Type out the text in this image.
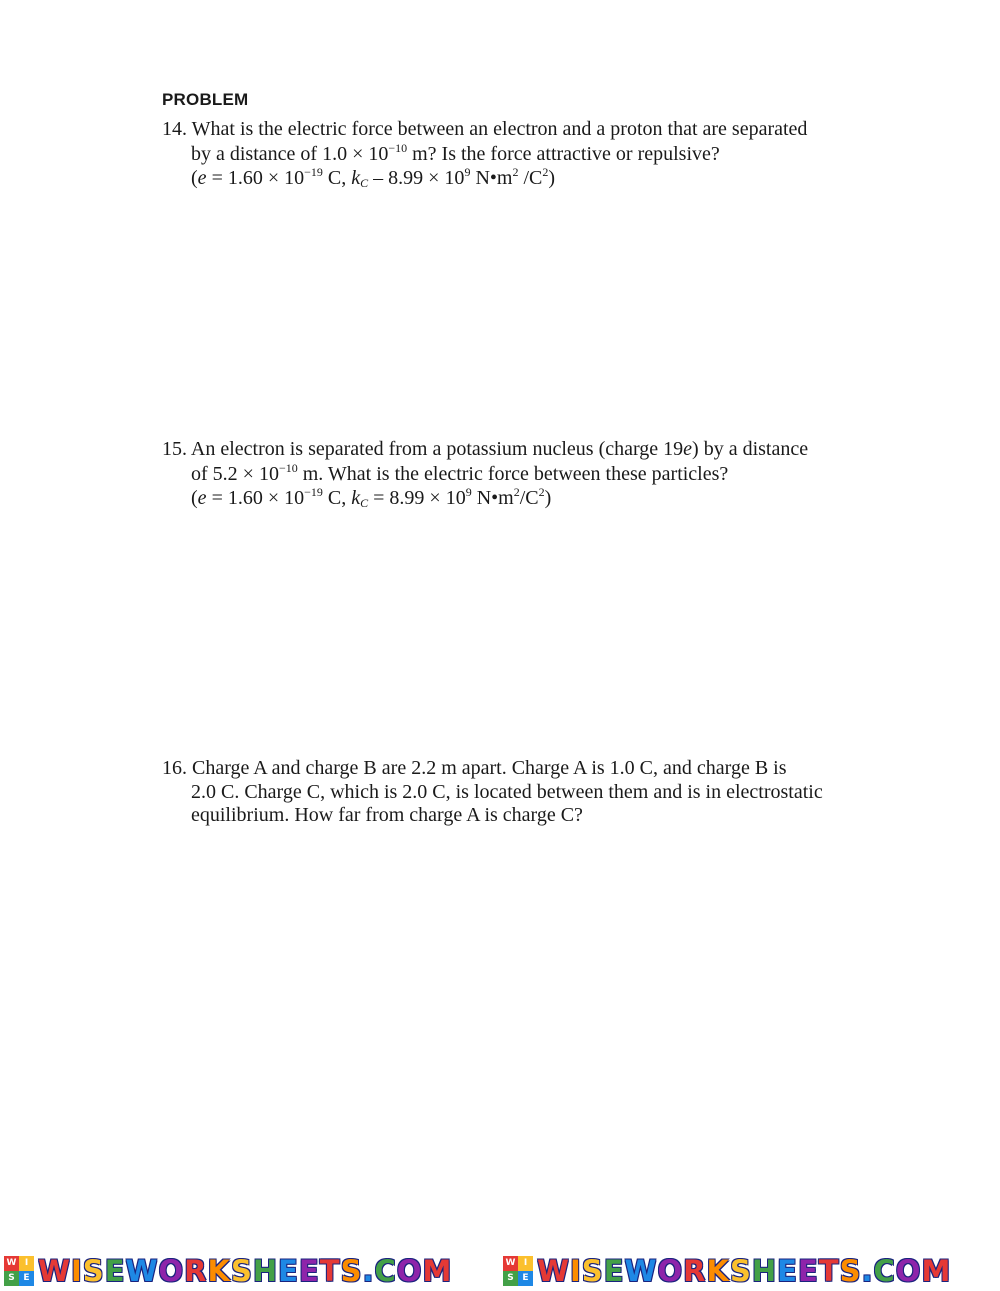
PROBLEM
14. What is the electric force between an electron and a proton that are separated
by a distance of $1.0 \times 10^{-10}$ m? Is the force attractive or repulsive?
($e = 1.60 \times 10^{-19}$ C, $k_C - 8.99 \times 10^9$ $N•m^2$ $/C^2$)
15. An electron is separated from a potassium nucleus (charge 19e) by a distance
of $5.2 \times 10^{-10}$ m. What is the electric force between these particles?
($e = 1.60 \times 10^{-19}$ C, $k_C = 8.99 \times 10^9$ $N•m^2/C^2$)
16. Charge A and charge B are 2.2 m apart. Charge A is 1.0 C, and charge B is
2.0 C. Charge C, which is 2.0 C, is located between them and is in electrostatic
equilibrium. How far from charge A is charge C?
W I
S E WISEWORKSHEETS.COM	W I
S E WISEWORKSHEETS.COM
